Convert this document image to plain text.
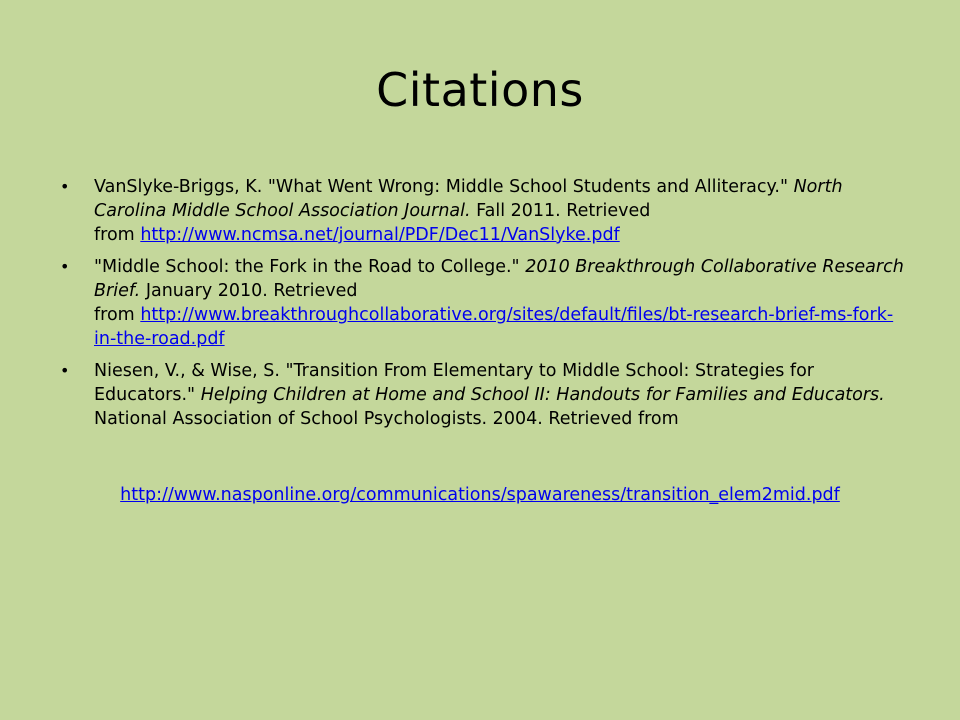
Citations
• VanSlyke-Briggs, K. "What Went Wrong: Middle School Students and Alliteracy." North Carolina Middle School Association Journal. Fall 2011. Retrieved
from http://www.ncmsa.net/journal/PDF/Dec11/VanSlyke.pdf
• "Middle School: the Fork in the Road to College." 2010 Breakthrough Collaborative Research Brief. January 2010. Retrieved
from http://www.breakthroughcollaborative.org/sites/default/files/bt-research-brief-ms-fork-in-the-road.pdf
• Niesen, V., & Wise, S. "Transition From Elementary to Middle School: Strategies for Educators." Helping Children at Home and School II: Handouts for Families and Educators. National Association of School Psychologists. 2004. Retrieved from
http://www.nasponline.org/communications/spawareness/transition_elem2mid.pdf
